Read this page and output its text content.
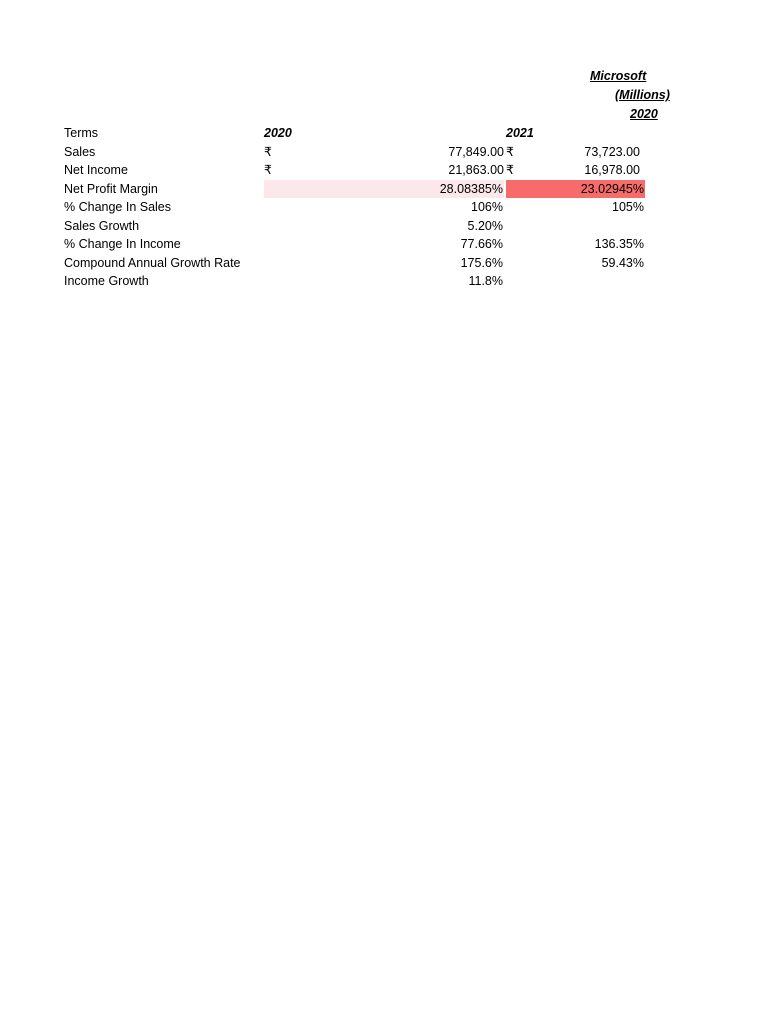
Microsoft
(Millions)
2020
Terms	2020	2021
Sales	₹	77,849.00 ₹	73,723.00
Net Income	₹	21,863.00 ₹	16,978.00
Net Profit Margin	28.08385%	23.02945%
% Change In Sales	106%	105%
Sales Growth	5.20%
% Change In Income	77.66%	136.35%
Compound Annual Growth Rate	175.6%	59.43%
Income Growth	11.8%
